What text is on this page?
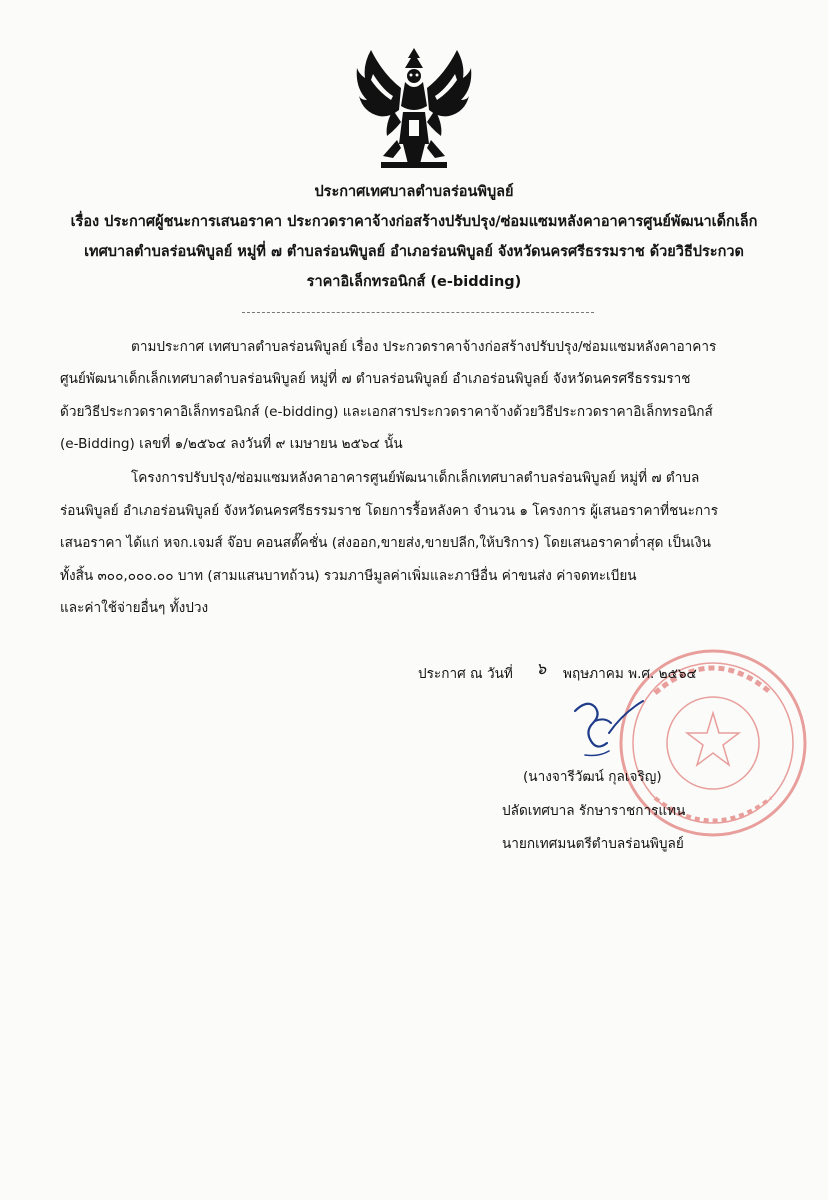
ประกาศเทศบาลตำบลร่อนพิบูลย์
เรื่อง ประกาศผู้ชนะการเสนอราคา ประกวดราคาจ้างก่อสร้างปรับปรุง/ซ่อมแซมหลังคาอาคารศูนย์พัฒนาเด็กเล็ก
เทศบาลตำบลร่อนพิบูลย์ หมู่ที่ ๗ ตำบลร่อนพิบูลย์ อำเภอร่อนพิบูลย์ จังหวัดนครศรีธรรมราช ด้วยวิธีประกวด
ราคาอิเล็กทรอนิกส์ (e-bidding)
ตามประกาศ เทศบาลตำบลร่อนพิบูลย์ เรื่อง ประกวดราคาจ้างก่อสร้างปรับปรุง/ซ่อมแซมหลังคาอาคาร
ศูนย์พัฒนาเด็กเล็กเทศบาลตำบลร่อนพิบูลย์ หมู่ที่ ๗ ตำบลร่อนพิบูลย์ อำเภอร่อนพิบูลย์ จังหวัดนครศรีธรรมราช
ด้วยวิธีประกวดราคาอิเล็กทรอนิกส์ (e-bidding) และเอกสารประกวดราคาจ้างด้วยวิธีประกวดราคาอิเล็กทรอนิกส์
(e-Bidding) เลขที่ ๑/๒๕๖๔ ลงวันที่ ๙ เมษายน ๒๕๖๔ นั้น
โครงการปรับปรุง/ซ่อมแซมหลังคาอาคารศูนย์พัฒนาเด็กเล็กเทศบาลตำบลร่อนพิบูลย์ หมู่ที่ ๗ ตำบล
ร่อนพิบูลย์ อำเภอร่อนพิบูลย์ จังหวัดนครศรีธรรมราช โดยการรื้อหลังคา จำนวน ๑ โครงการ ผู้เสนอราคาที่ชนะการ
เสนอราคา ได้แก่ หจก.เจมส์ จ๊อบ คอนสตั๊คชั่น (ส่งออก,ขายส่ง,ขายปลีก,ให้บริการ) โดยเสนอราคาต่ำสุด เป็นเงิน
ทั้งสิ้น ๓๐๐,๐๐๐.๐๐ บาท (สามแสนบาทถ้วน) รวมภาษีมูลค่าเพิ่มและภาษีอื่น ค่าขนส่ง ค่าจดทะเบียน
และค่าใช้จ่ายอื่นๆ ทั้งปวง
ประกาศ ณ วันที่ ๖ พฤษภาคม พ.ศ. ๒๕๖๔
(นางจารีวัฒน์ กุลเจริญ)
ปลัดเทศบาล รักษาราชการแทน
นายกเทศมนตรีตำบลร่อนพิบูลย์
